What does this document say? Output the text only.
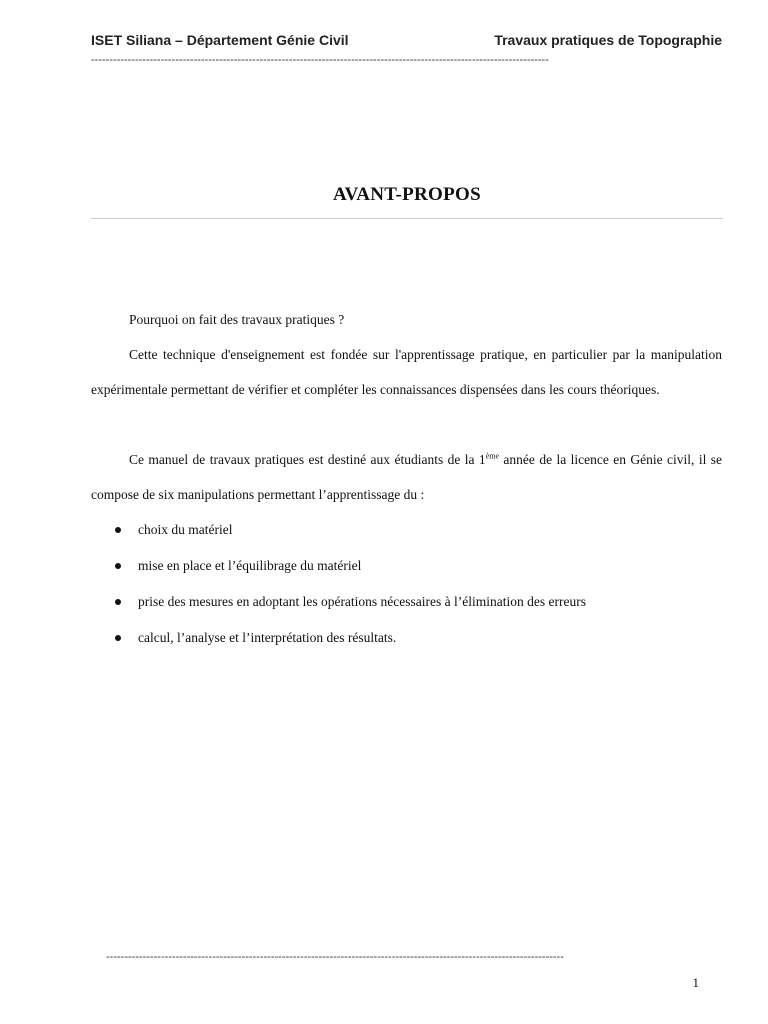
ISET Siliana – Département Génie Civil	Travaux pratiques de Topographie
-----------------------------------------------------------------------------------------------------------------------------
AVANT-PROPOS

Pourquoi on fait des travaux pratiques ?

Cette technique d'enseignement est fondée sur l'apprentissage pratique, en particulier par la manipulation expérimentale permettant de vérifier et compléter les connaissances dispensées dans les cours théoriques.

Ce manuel de travaux pratiques est destiné aux étudiants de la 1ème année de la licence en Génie civil, il se compose de six manipulations permettant l’apprentissage du :

choix du matériel
mise en place et l’équilibrage du matériel
prise des mesures en adoptant les opérations nécessaires à l’élimination des erreurs
calcul, l’analyse et l’interprétation des résultats.
-----------------------------------------------------------------------------------------------------------------------------
1
